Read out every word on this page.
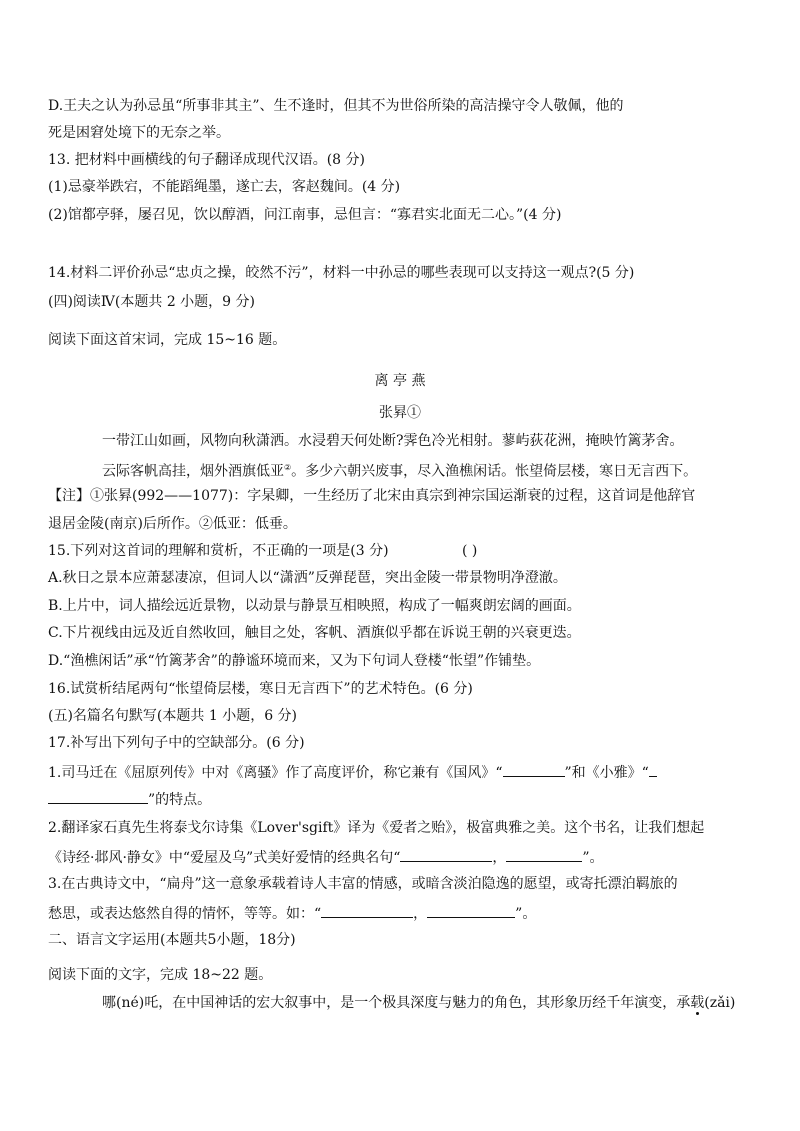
D.王夫之认为孙忌虽“所事非其主”、生不逢时，但其不为世俗所染的高洁操守令人敬佩，他的
死是困窘处境下的无奈之举。
13. 把材料中画横线的句子翻译成现代汉语。(8 分)
(1)忌豪举跌宕，不能蹈绳墨，遂亡去，客赵魏间。(4 分)
(2)馆都亭驿，屡召见，饮以醇酒，问江南事，忌但言：“寡君实北面无二心。”(4 分)
14.材料二评价孙忌“忠贞之操，皎然不污”，材料一中孙忌的哪些表现可以支持这一观点?(5 分)
(四)阅读Ⅳ(本题共 2 小题，9 分)
阅读下面这首宋词，完成 15~16 题。
离 亭 燕
张昪①
一带江山如画，风物向秋潇洒。水浸碧天何处断?霁色冷光相射。蓼屿荻花洲，掩映竹篱茅舍。
云际客帆高挂，烟外酒旗低亚②。多少六朝兴废事，尽入渔樵闲话。怅望倚层楼，寒日无言西下。
【注】①张昪(992——1077)：字杲卿，一生经历了北宋由真宗到神宗国运渐衰的过程，这首词是他辞官
退居金陵(南京)后所作。②低亚：低垂。
15.下列对这首词的理解和赏析，不正确的一项是(3 分)	( )
A.秋日之景本应萧瑟凄凉，但词人以“潇洒”反弹琵琶，突出金陵一带景物明净澄澈。
B.上片中，词人描绘远近景物，以动景与静景互相映照，构成了一幅爽朗宏阔的画面。
C.下片视线由远及近自然收回，触目之处，客帆、酒旗似乎都在诉说王朝的兴衰更迭。
D.“渔樵闲话”承“竹篱茅舍”的静谧环境而来，又为下句词人登楼“怅望”作铺垫。
16.试赏析结尾两句“怅望倚层楼，寒日无言西下”的艺术特色。(6 分)
(五)名篇名句默写(本题共 1 小题，6 分)
17.补写出下列句子中的空缺部分。(6 分)
1.司马迁在《屈原列传》中对《离骚》作了高度评价，称它兼有《国风》“	”和《小雅》“
”的特点。
2.翻译家石真先生将泰戈尔诗集《Lover'sgift》译为《爱者之贻》，极富典雅之美。这个书名，让我们想起
《诗经·邶风·静女》中“爱屋及乌”式美好爱情的经典名句“	，	”。
3.在古典诗文中，“扁舟”这一意象承载着诗人丰富的情感，或暗含淡泊隐逸的愿望，或寄托漂泊羁旅的
愁思，或表达悠然自得的情怀，等等。如：“	，	”。
二、语言文字运用(本题共5小题，18分)
阅读下面的文字，完成 18~22 题。
哪(né)吒，在中国神话的宏大叙事中，是一个极具深度与魅力的角色，其形象历经千年演变，承载(zǎi)
